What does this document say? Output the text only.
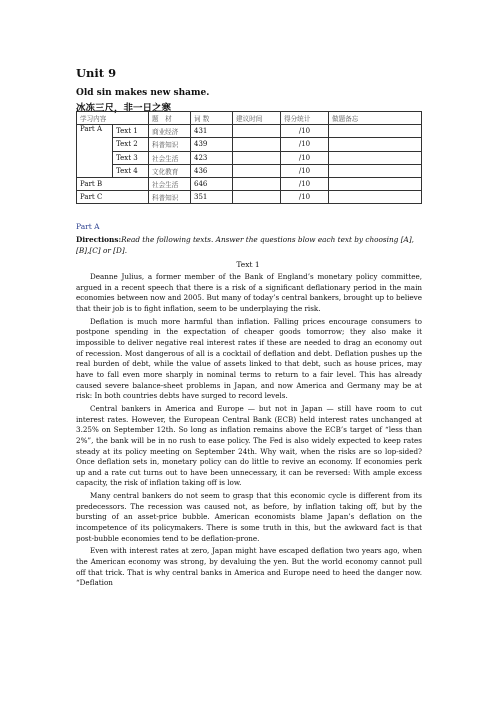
Unit 9
Old sin makes new shame.
冰冻三尺，非一日之寒
学习内容		题　材	词 数	建议时间	得分统计	做题备忘
Part A	Text 1	商业经济	431		/10	
	Text 2	科普知识	439		/10	
	Text 3	社会生活	423		/10	
	Text 4	文化教育	436		/10	
Part B		社会生活	646		/10	
Part C		科普知识	351		/10	
Part A
Directions:Read the following texts. Answer the questions blow each text by choosing [A],[B],[C] or [D].
Text 1

Deanne Julius, a former member of the Bank of England’s monetary policy committee, argued in a recent speech that there is a risk of a significant deflationary period in the main economies between now and 2005. But many of today’s central bankers, brought up to believe that their job is to fight inflation, seem to be underplaying the risk.

Deflation is much more harmful than inflation. Falling prices encourage consumers to postpone spending in the expectation of cheaper goods tomorrow; they also make it impossible to deliver negative real interest rates if these are needed to drag an economy out of recession. Most dangerous of all is a cocktail of deflation and debt. Deflation pushes up the real burden of debt, while the value of assets linked to that debt, such as house prices, may have to fall even more sharply in nominal terms to return to a fair level. This has already caused severe balance-sheet problems in Japan, and now America and Germany may be at risk: In both countries debts have surged to record levels.

Central bankers in America and Europe — but not in Japan — still have room to cut interest rates. However, the European Central Bank (ECB) held interest rates unchanged at 3.25% on September 12th. So long as inflation remains above the ECB’s target of “less than 2%”, the bank will be in no rush to ease policy. The Fed is also widely expected to keep rates steady at its policy meeting on September 24th. Why wait, when the risks are so lop-sided? Once deflation sets in, monetary policy can do little to revive an economy. If economies perk up and a rate cut turns out to have been unnecessary, it can be reversed: With ample excess capacity, the risk of inflation taking off is low.

Many central bankers do not seem to grasp that this economic cycle is different from its predecessors. The recession was caused not, as before, by inflation taking off, but by the bursting of an asset-price bubble. American economists blame Japan’s deflation on the incompetence of its policymakers. There is some truth in this, but the awkward fact is that post-bubble economies tend to be deflation-prone.

Even with interest rates at zero, Japan might have escaped deflation two years ago, when the American economy was strong, by devaluing the yen. But the world economy cannot pull off that trick. That is why central banks in America and Europe need to heed the danger now. “Deflation
